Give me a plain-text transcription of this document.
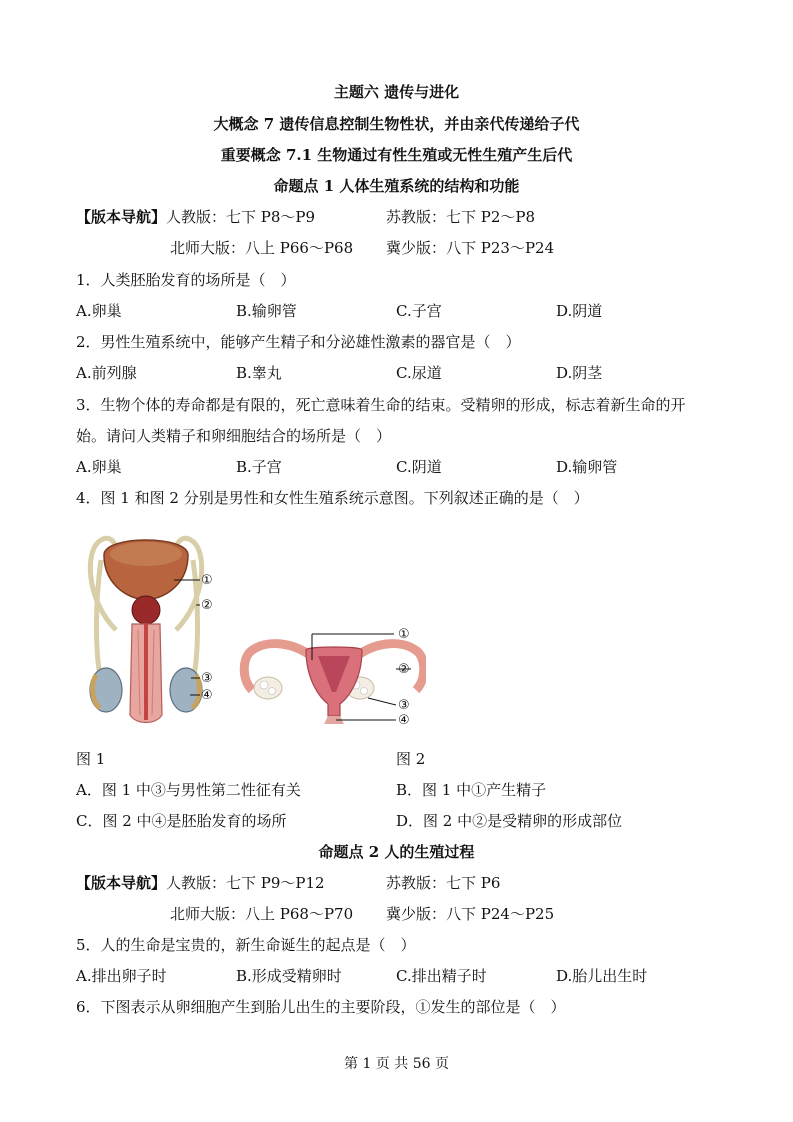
主题六 遗传与进化
大概念 7 遗传信息控制生物性状，并由亲代传递给子代
重要概念 7.1 生物通过有性生殖或无性生殖产生后代
命题点 1 人体生殖系统的结构和功能
【版本导航】人教版：七下 P8～P9	苏教版：七下 P2～P8
北师大版：八上 P66～P68 冀少版：八下 P23～P24
1．人类胚胎发育的场所是（　）
A.卵巢	B.输卵管	C.子宫	D.阴道
2．男性生殖系统中，能够产生精子和分泌雄性激素的器官是（　）
A.前列腺	B.睾丸	C.尿道	D.阴茎
3．生物个体的寿命都是有限的，死亡意味着生命的结束。受精卵的形成，标志着新生命的开
始。请问人类精子和卵细胞结合的场所是（　）
A.卵巢	B.子宫	C.阴道	D.输卵管
4．图 1 和图 2 分别是男性和女性生殖系统示意图。下列叙述正确的是（　）
①
②
③
④
①
②
③
④
图 1	图 2
A．图 1 中③与男性第二性征有关	B．图 1 中①产生精子
C．图 2 中④是胚胎发育的场所	D．图 2 中②是受精卵的形成部位
命题点 2 人的生殖过程
【版本导航】人教版：七下 P9～P12	苏教版：七下 P6
北师大版：八上 P68～P70 冀少版：八下 P24～P25
5．人的生命是宝贵的，新生命诞生的起点是（　）
A.排出卵子时	B.形成受精卵时	C.排出精子时	D.胎儿出生时
6．下图表示从卵细胞产生到胎儿出生的主要阶段，①发生的部位是（　）
第 1 页 共 56 页
